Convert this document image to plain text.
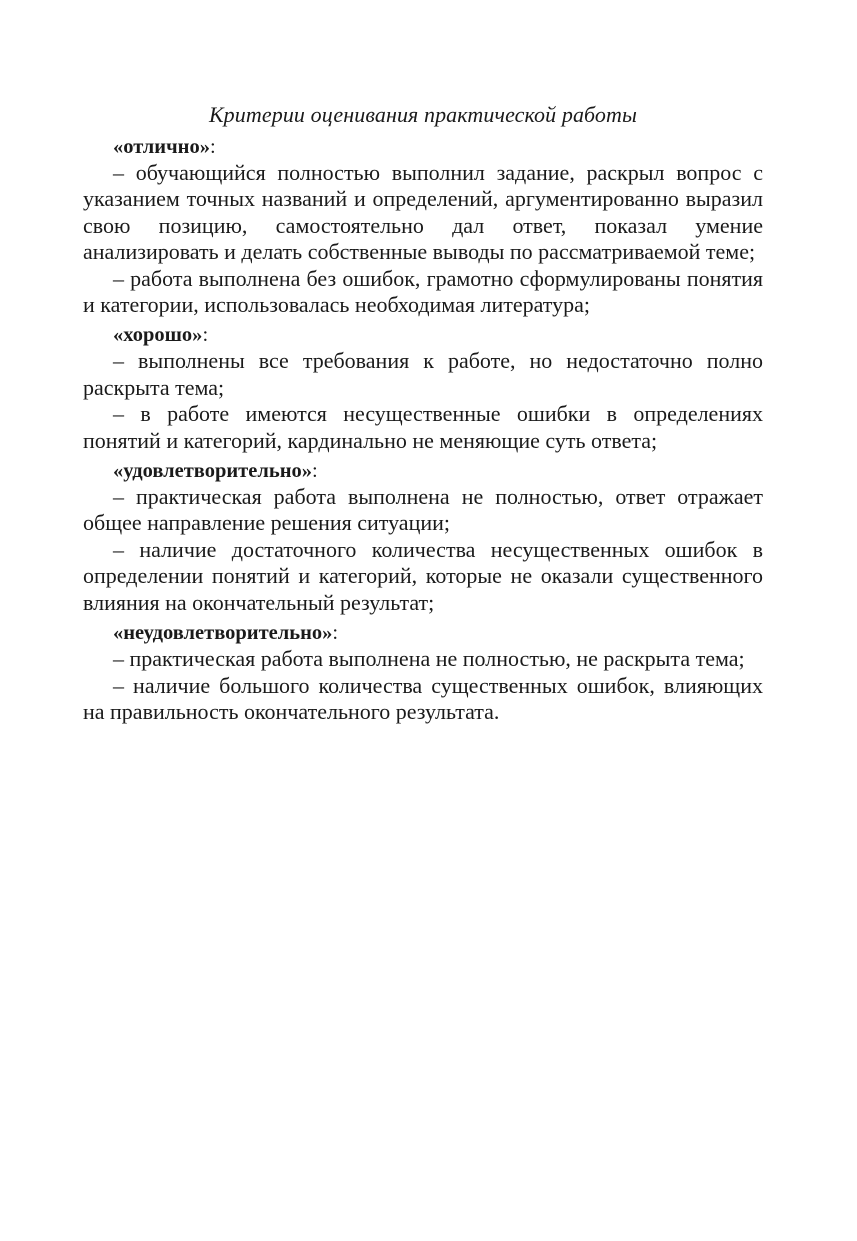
Критерии оценивания практической работы

«отлично»:

– обучающийся полностью выполнил задание, раскрыл вопрос с указанием точных названий и определений, аргументированно выразил свою позицию, самостоятельно дал ответ, показал умение анализировать и делать собственные выводы по рассматриваемой теме;

– работа выполнена без ошибок, грамотно сформулированы понятия и категории, использовалась необходимая литература;

«хорошо»:

– выполнены все требования к работе, но недостаточно полно раскрыта тема;

– в работе имеются несущественные ошибки в определениях понятий и категорий, кардинально не меняющие суть ответа;

«удовлетворительно»:

– практическая работа выполнена не полностью, ответ отражает общее направление решения ситуации;

– наличие достаточного количества несущественных ошибок в определении понятий и категорий, которые не оказали существенного влияния на окончательный результат;

«неудовлетворительно»:

– практическая работа выполнена не полностью, не раскрыта тема;

– наличие большого количества существенных ошибок, влияющих на правильность окончательного результата.
